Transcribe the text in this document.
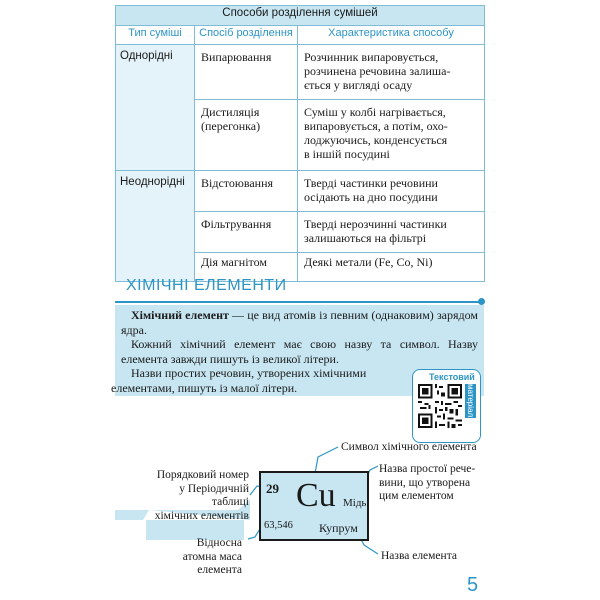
Способи розділення сумішей		
Тип суміші	Спосіб розділення	Характеристика способу
Однорідні	Випарювання	Розчинник випаровується,
розчинена речовина залиша-
ється у вигляді осаду
	Дистиляція
(перегонка)	Суміш у колбі нагрівається,
випаровується, а потім, охо-
лоджуючись, конденсується
в іншій посудині
Неоднорідні	Відстоювання	Тверді частинки речовини
осідають на дно посудини
	Фільтрування	Тверді нерозчинні частинки
залишаються на фільтрі
	Дія магнітом	Деякі метали (Fe, Co, Ni)
ХІМІЧНІ ЕЛЕМЕНТИ

Хімічний елемент — це вид атомів із певним (однаковим) зарядом ядра.

Кожний хімічний елемент має свою назву та символ. Назву елемента завжди пишуть із великої літери.

Назви простих речовин, утворених хімічними
елементами, пишуть із малої літери.

Текстовий
матеріал
Символ хімічного елемента
Порядковий номер
у Періодичній таблиці
хімічних елементів
Назва простої рече-
вини, що утворена
цим елементом
Відносна
атомна маса елемента
Назва елемента
29 Cu Мідь
63,546 Купрум
5
